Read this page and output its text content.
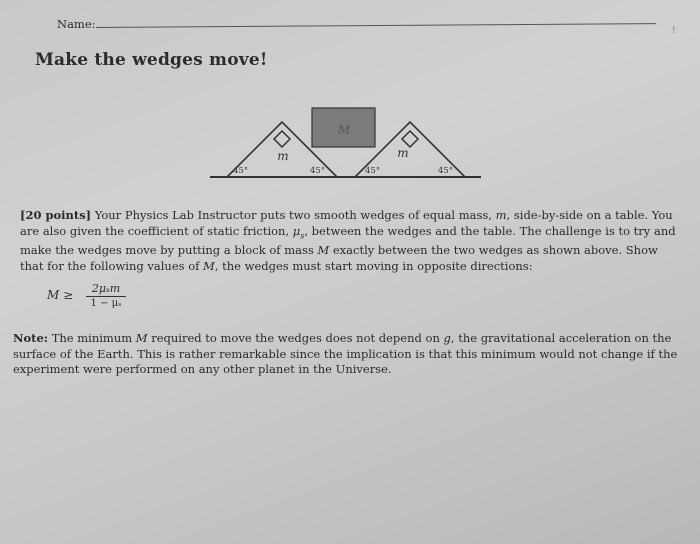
Name:	!
Make the wedges move!
M
m	m
45°	45°	45°	45°
[20 points] Your Physics Lab Instructor puts two smooth wedges of equal mass, m, side-by-side on a table. You are also given the coefficient of static friction, $\mu_s$, between the wedges and the table. The challenge is to try and make the wedges move by putting a block of mass M exactly between the two wedges as shown above. Show that for the following values of M, the wedges must start moving in opposite directions:
M ≥	2μₛm
1 − μₛ
Note: The minimum M required to move the wedges does not depend on g, the gravitational acceleration on the surface of the Earth. This is rather remarkable since the implication is that this minimum would not change if the experiment were performed on any other planet in the Universe.
